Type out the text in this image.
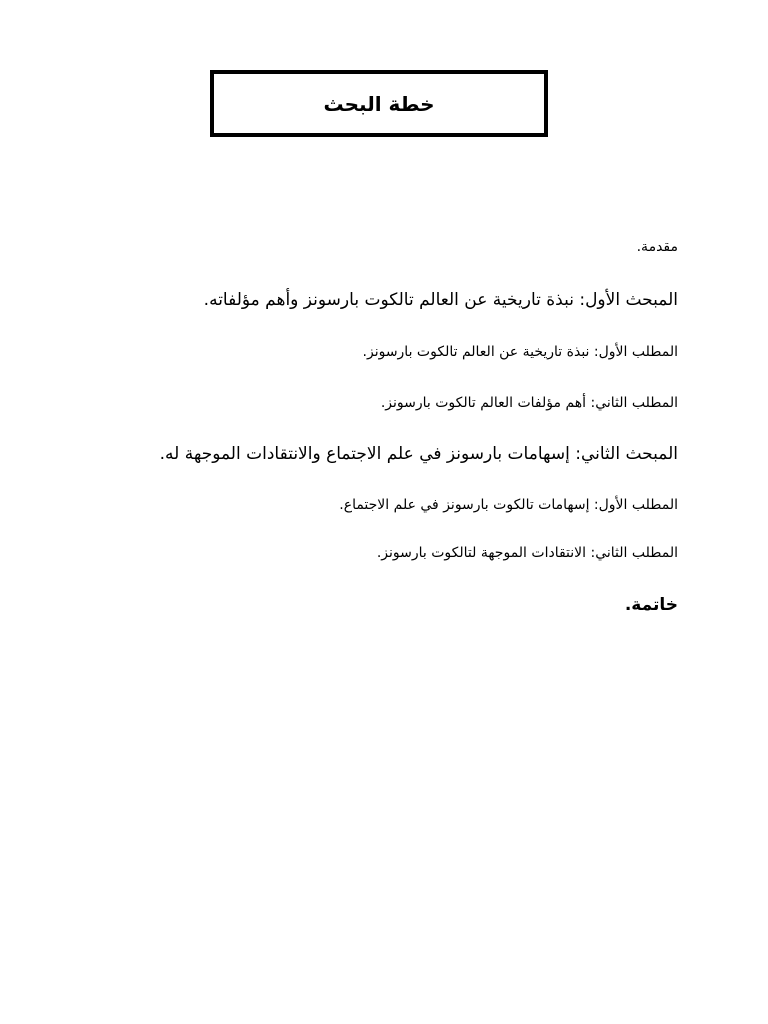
خطة البحث
مقدمة.
المبحث الأول: نبذة تاريخية عن العالم تالكوت بارسونز وأهم مؤلفاته.
المطلب الأول: نبذة تاريخية عن العالم تالكوت بارسونز.
المطلب الثاني: أهم مؤلفات العالم تالكوت بارسونز.
المبحث الثاني: إسهامات بارسونز في علم الاجتماع والانتقادات الموجهة له.
المطلب الأول: إسهامات تالكوت بارسونز في علم الاجتماع.
المطلب الثاني: الانتقادات الموجهة لتالكوت بارسونز.
خاتمة.
